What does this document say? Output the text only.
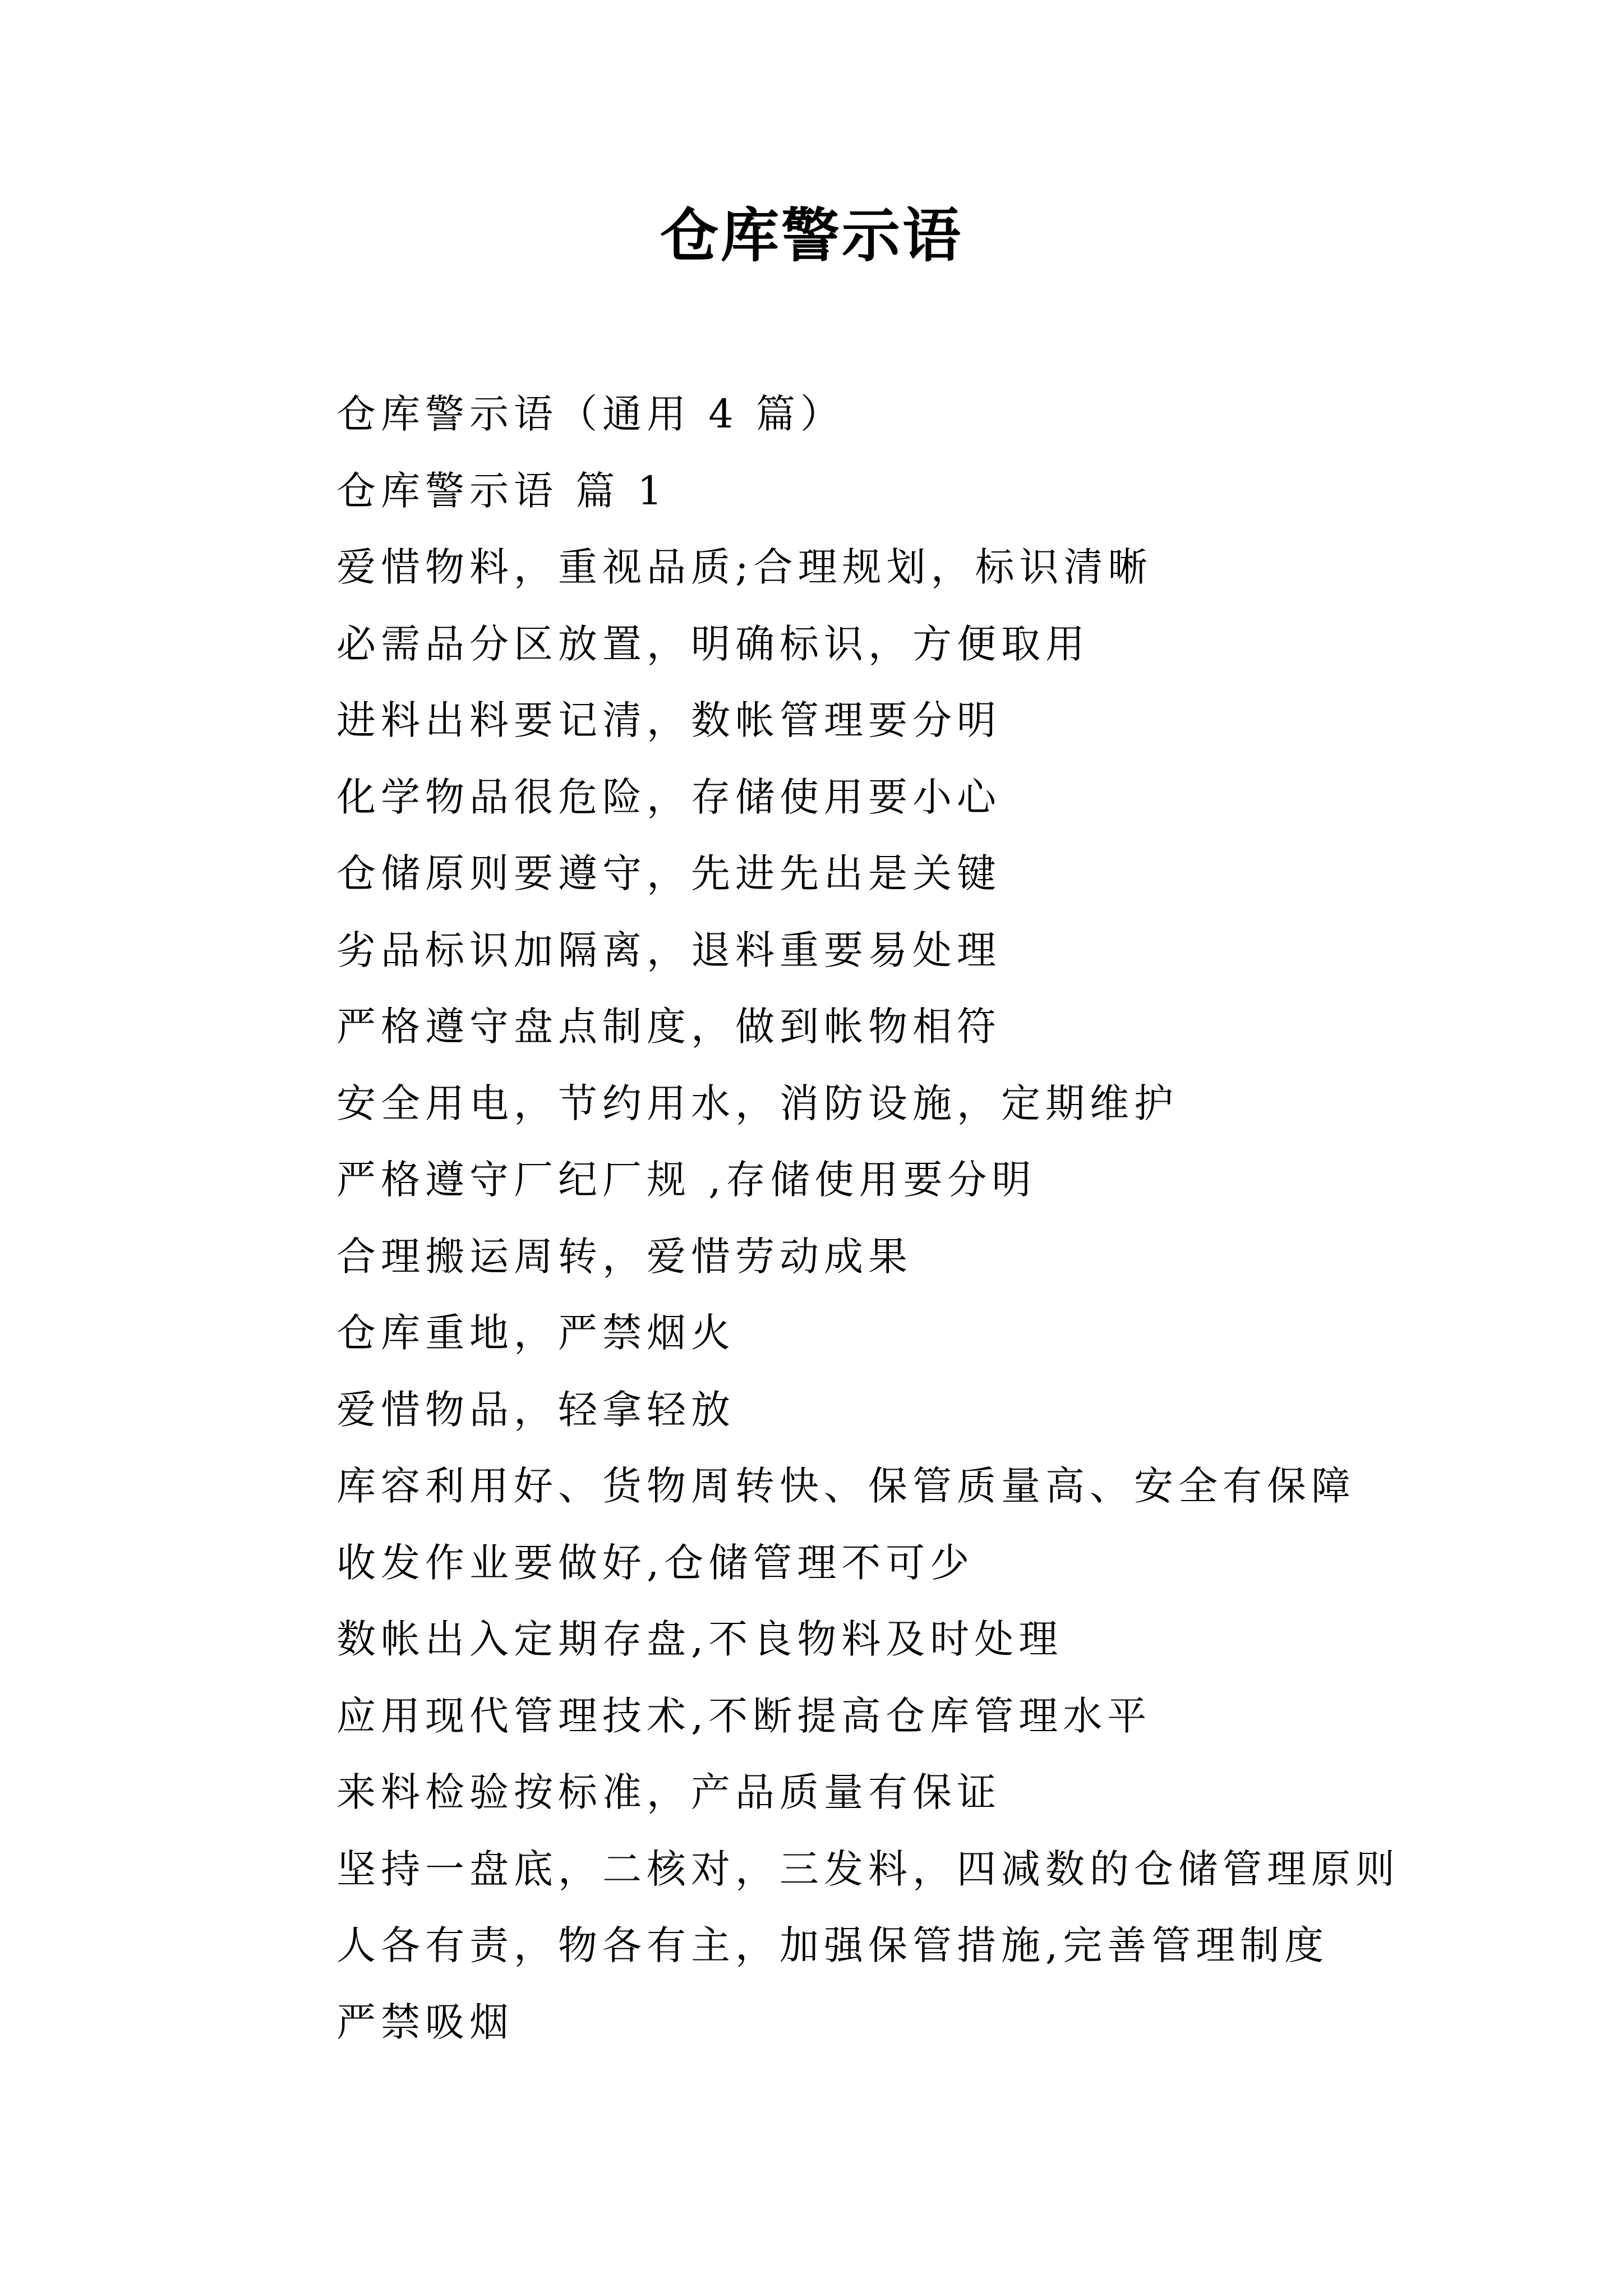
仓库警示语
仓库警示语（通用 4 篇）
仓库警示语 篇 1
爱惜物料，重视品质;合理规划，标识清晰
必需品分区放置，明确标识，方便取用
进料出料要记清，数帐管理要分明
化学物品很危险，存储使用要小心
仓储原则要遵守，先进先出是关键
劣品标识加隔离，退料重要易处理
严格遵守盘点制度，做到帐物相符
安全用电，节约用水，消防设施，定期维护
严格遵守厂纪厂规 ,存储使用要分明
合理搬运周转，爱惜劳动成果
仓库重地，严禁烟火
爱惜物品，轻拿轻放
库容利用好、货物周转快、保管质量高、安全有保障
收发作业要做好,仓储管理不可少
数帐出入定期存盘,不良物料及时处理
应用现代管理技术,不断提高仓库管理水平
来料检验按标准，产品质量有保证
坚持一盘底，二核对，三发料，四减数的仓储管理原则
人各有责，物各有主，加强保管措施,完善管理制度
严禁吸烟
